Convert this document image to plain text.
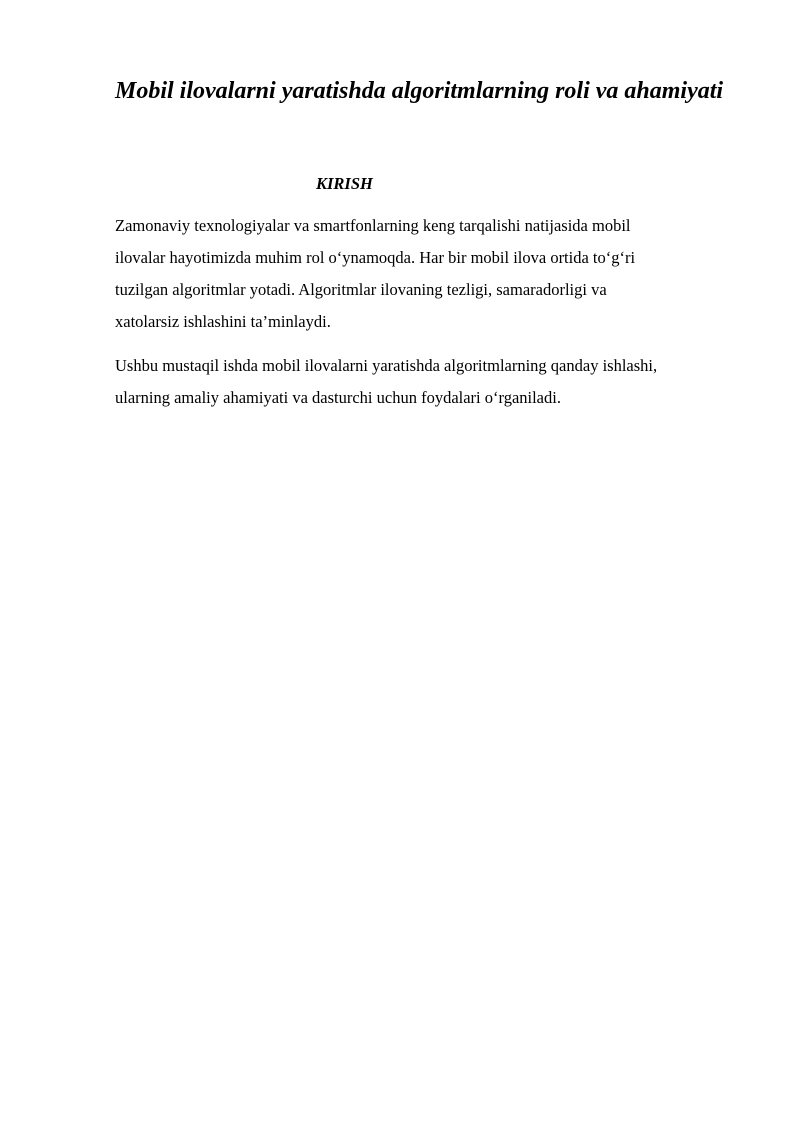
Mobil ilovalarni yaratishda algoritmlarning roli va ahamiyati
KIRISH

Zamonaviy texnologiyalar va smartfonlarning keng tarqalishi natijasida mobil
ilovalar hayotimizda muhim rol o‘ynamoqda. Har bir mobil ilova ortida to‘g‘ri
tuzilgan algoritmlar yotadi. Algoritmlar ilovaning tezligi, samaradorligi va
xatolarsiz ishlashini ta’minlaydi.

Ushbu mustaqil ishda mobil ilovalarni yaratishda algoritmlarning qanday ishlashi,
ularning amaliy ahamiyati va dasturchi uchun foydalari o‘rganiladi.
